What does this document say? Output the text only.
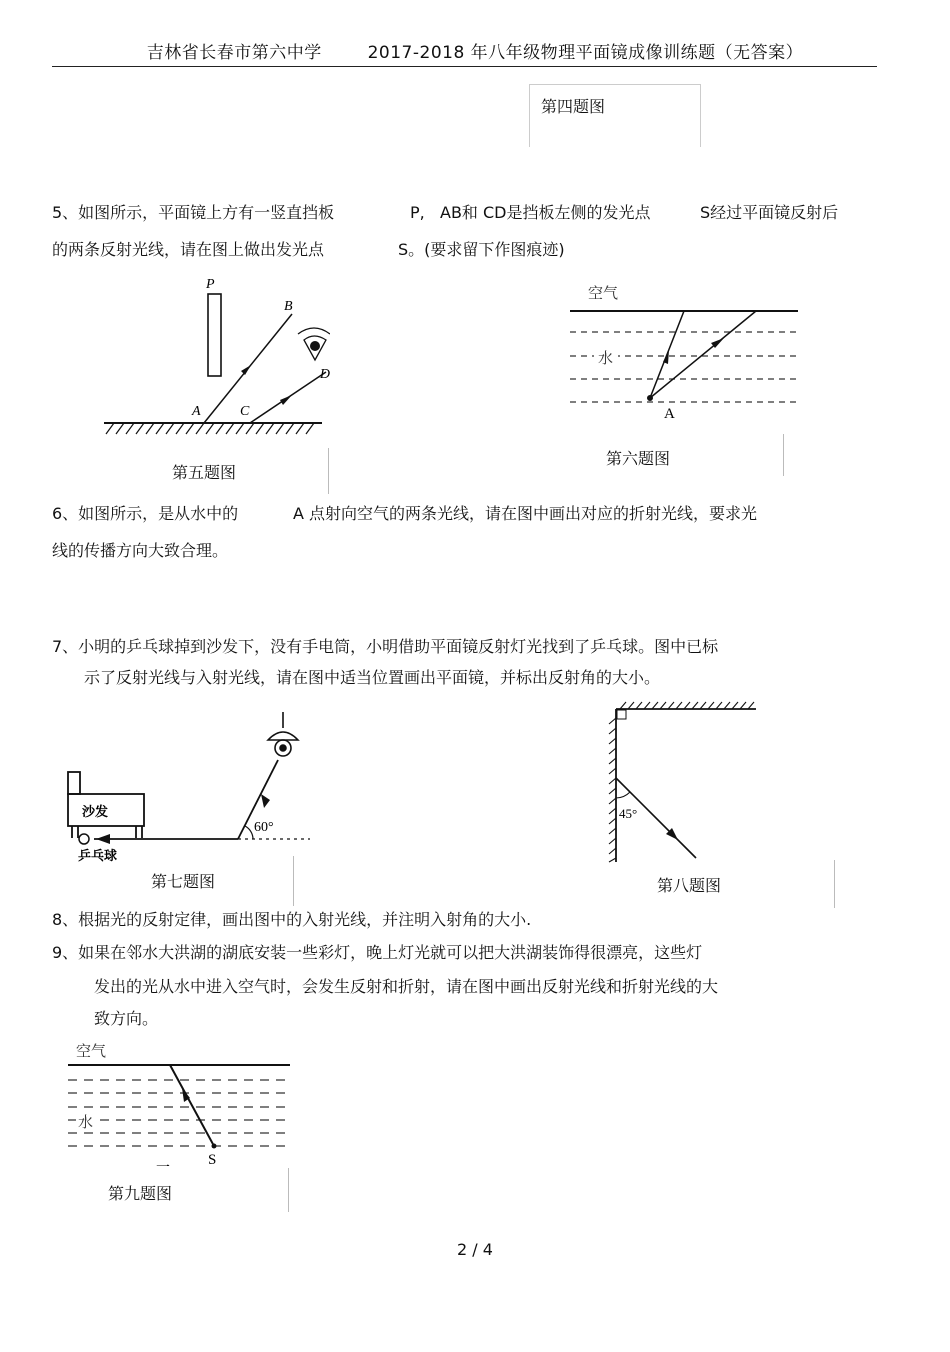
吉林省长春市第六中学	2017-2018 年八年级物理平面镜成像训练题（无答案）
第四题图
5、如图所示，平面镜上方有一竖直挡板	P, AB和 CD是挡板左侧的发光点	S经过平面镜反射后
的两条反射光线，请在图上做出发光点	S。(要求留下作图痕迹)
P
B
A	C
D
第五题图
空气
水
A
第六题图
6、如图所示，是从水中的	A 点射向空气的两条光线，请在图中画出对应的折射光线，要求光
线的传播方向大致合理。
7、小明的乒乓球掉到沙发下，没有手电筒，小明借助平面镜反射灯光找到了乒乓球。图中已标
示了反射光线与入射光线，请在图中适当位置画出平面镜，并标出反射角的大小。
沙发
乒乓球
60°
第七题图
45°
第八题图
8、根据光的反射定律，画出图中的入射光线，并注明入射角的大小.
9、如果在邻水大洪湖的湖底安装一些彩灯，晚上灯光就可以把大洪湖装饰得很漂亮，这些灯
发出的光从水中进入空气时，会发生反射和折射，请在图中画出反射光线和折射光线的大
致方向。
空气
水
S
一
第九题图
2 / 4
